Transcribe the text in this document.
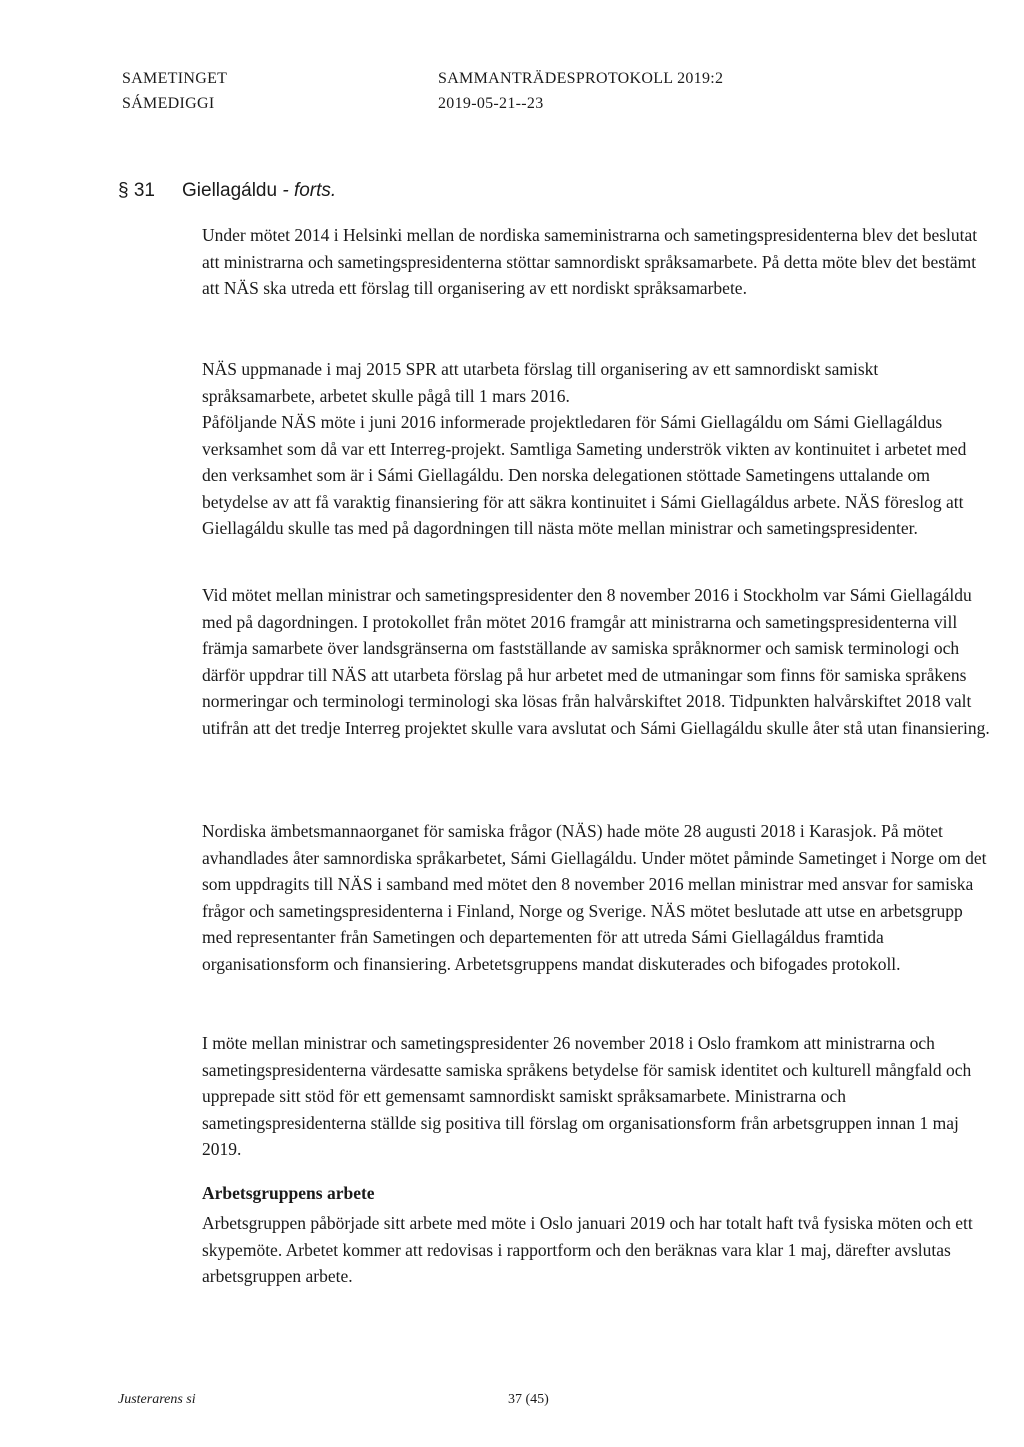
SAMETINGET
SÁMEDIGGI
SAMMANTRÄDESPROTOKOLL 2019:2
2019-05-21--23
§ 31 Giellagáldu - forts.

Under mötet 2014 i Helsinki mellan de nordiska sameministrarna och sametingspresidenterna blev det beslutat att ministrarna och sametingspresidenterna stöttar samnordiskt språksamarbete. På detta möte blev det bestämt att NÄS ska utreda ett förslag till organisering av ett nordiskt språksamarbete.

NÄS uppmanade i maj 2015 SPR att utarbeta förslag till organisering av ett samnordiskt samiskt språksamarbete, arbetet skulle pågå till 1 mars 2016.

Påföljande NÄS möte i juni 2016 informerade projektledaren för Sámi Giellagáldu om Sámi Giellagáldus verksamhet som då var ett Interreg-projekt. Samtliga Sameting underströk vikten av kontinuitet i arbetet med den verksamhet som är i Sámi Giellagáldu. Den norska delegationen stöttade Sametingens uttalande om betydelse av att få varaktig finansiering för att säkra kontinuitet i Sámi Giellagáldus arbete. NÄS föreslog att Giellagáldu skulle tas med på dagordningen till nästa möte mellan ministrar och sametingspresidenter.

Vid mötet mellan ministrar och sametingspresidenter den 8 november 2016 i Stockholm var Sámi Giellagáldu med på dagordningen. I protokollet från mötet 2016 framgår att ministrarna och sametingspresidenterna vill främja samarbete över landsgränserna om fastställande av samiska språknormer och samisk terminologi och därför uppdrar till NÄS att utarbeta förslag på hur arbetet med de utmaningar som finns för samiska språkens normeringar och terminologi terminologi ska lösas från halvårskiftet 2018. Tidpunkten halvårskiftet 2018 valt utifrån att det tredje Interreg projektet skulle vara avslutat och Sámi Giellagáldu skulle åter stå utan finansiering.

Nordiska ämbetsmannaorganet för samiska frågor (NÄS) hade möte 28 augusti 2018 i Karasjok. På mötet avhandlades åter samnordiska språkarbetet, Sámi Giellagáldu. Under mötet påminde Sametinget i Norge om det som uppdragits till NÄS i samband med mötet den 8 november 2016 mellan ministrar med ansvar for samiska frågor och sametingspresidenterna i Finland, Norge og Sverige. NÄS mötet beslutade att utse en arbetsgrupp med representanter från Sametingen och departementen för att utreda Sámi Giellagáldus framtida organisationsform och finansiering. Arbetetsgruppens mandat diskuterades och bifogades protokoll.

I möte mellan ministrar och sametingspresidenter 26 november 2018 i Oslo framkom att ministrarna och sametingspresidenterna värdesatte samiska språkens betydelse för samisk identitet och kulturell mångfald och upprepade sitt stöd för ett gemensamt samnordiskt samiskt språksamarbete. Ministrarna och sametingspresidenterna ställde sig positiva till förslag om organisationsform från arbetsgruppen innan 1 maj 2019.

Arbetsgruppens arbete

Arbetsgruppen påbörjade sitt arbete med möte i Oslo januari 2019 och har totalt haft två fysiska möten och ett skypemöte. Arbetet kommer att redovisas i rapportform och den beräknas vara klar 1 maj, därefter avslutas arbetsgruppen arbete.

Justerarens si	37 (45)
